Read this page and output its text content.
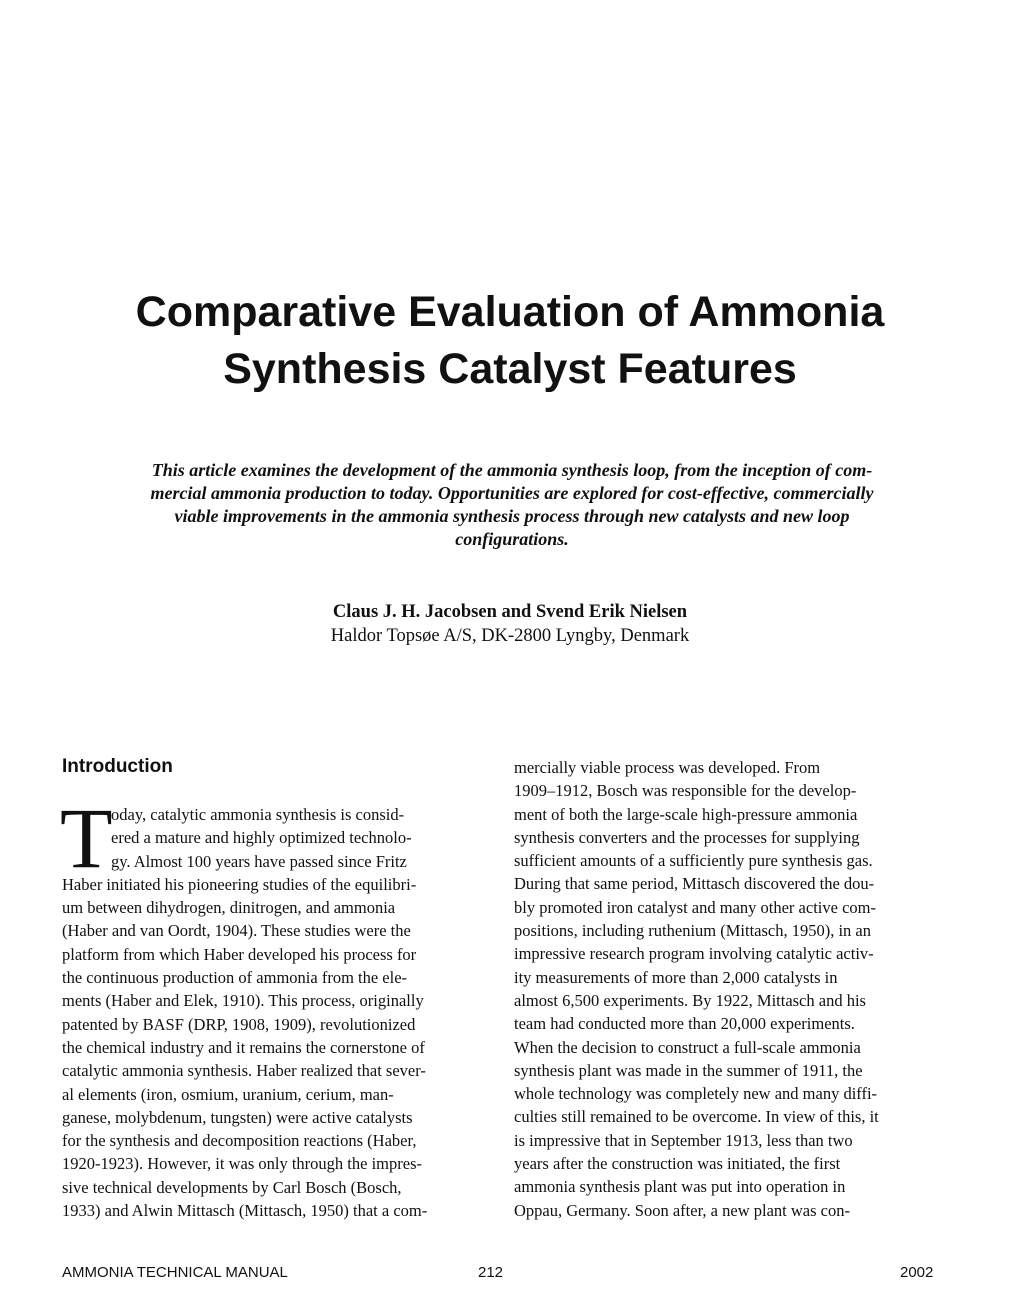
Comparative Evaluation of Ammonia
Synthesis Catalyst Features
This article examines the development of the ammonia synthesis loop, from the inception of com-
mercial ammonia production to today. Opportunities are explored for cost-effective, commercially
viable improvements in the ammonia synthesis process through new catalysts and new loop
configurations.
Claus J. H. Jacobsen and Svend Erik Nielsen
Haldor Topsøe A/S, DK-2800 Lyngby, Denmark
Introduction
T
oday, catalytic ammonia synthesis is consid-
ered a mature and highly optimized technolo-
gy. Almost 100 years have passed since Fritz
Haber initiated his pioneering studies of the equilibri-
um between dihydrogen, dinitrogen, and ammonia
(Haber and van Oordt, 1904). These studies were the
platform from which Haber developed his process for
the continuous production of ammonia from the ele-
ments (Haber and Elek, 1910). This process, originally
patented by BASF (DRP, 1908, 1909), revolutionized
the chemical industry and it remains the cornerstone of
catalytic ammonia synthesis. Haber realized that sever-
al elements (iron, osmium, uranium, cerium, man-
ganese, molybdenum, tungsten) were active catalysts
for the synthesis and decomposition reactions (Haber,
1920-1923). However, it was only through the impres-
sive technical developments by Carl Bosch (Bosch,
1933) and Alwin Mittasch (Mittasch, 1950) that a com-
mercially viable process was developed. From
1909–1912, Bosch was responsible for the develop-
ment of both the large-scale high-pressure ammonia
synthesis converters and the processes for supplying
sufficient amounts of a sufficiently pure synthesis gas.
During that same period, Mittasch discovered the dou-
bly promoted iron catalyst and many other active com-
positions, including ruthenium (Mittasch, 1950), in an
impressive research program involving catalytic activ-
ity measurements of more than 2,000 catalysts in
almost 6,500 experiments. By 1922, Mittasch and his
team had conducted more than 20,000 experiments.
When the decision to construct a full-scale ammonia
synthesis plant was made in the summer of 1911, the
whole technology was completely new and many diffi-
culties still remained to be overcome. In view of this, it
is impressive that in September 1913, less than two
years after the construction was initiated, the first
ammonia synthesis plant was put into operation in
Oppau, Germany. Soon after, a new plant was con-
AMMONIA TECHNICAL MANUAL	212	2002
